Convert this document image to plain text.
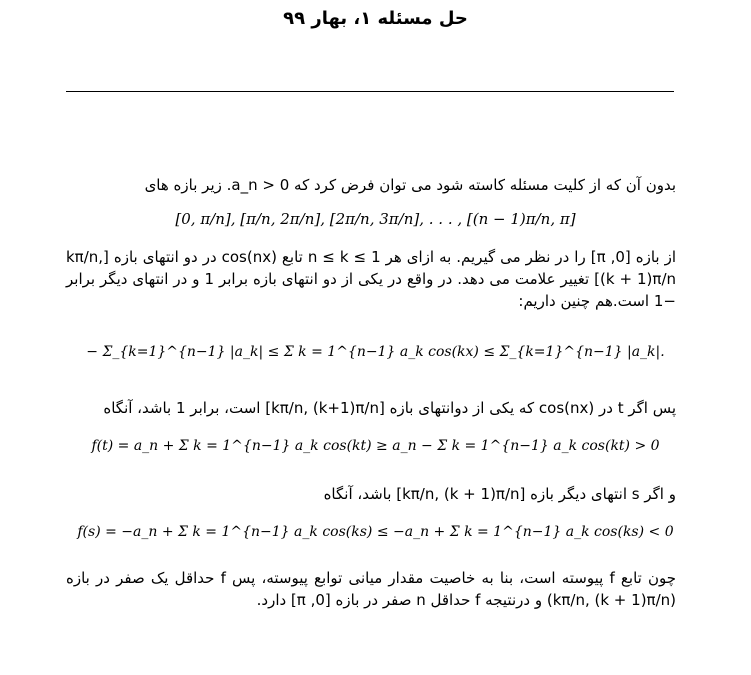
حل مسئله ۱، بهار ۹۹
بدون آن که از کلیت مسئله کاسته شود می توان فرض کرد که a_n > 0. زیر بازه های
[0, π/n], [π/n, 2π/n], [2π/n, 3π/n], . . . , [(n − 1)π/n, π]
از بازه [0, π] را در نظر می گیریم. به ازای هر n ≤ k ≤ 1 تابع cos(nx) در دو انتهای بازه [kπ/n, (k + 1)π/n] تغییر علامت می دهد. در واقع در یکی از دو انتهای بازه برابر 1 و در انتهای دیگر برابر −1 است.هم چنین داریم:
− Σ_{k=1}^{n−1} |a_k| ≤ Σ k = 1^{n−1} a_k cos(kx) ≤ Σ_{k=1}^{n−1} |a_k|.
پس اگر t در cos(nx) که یکی از دوانتهای بازه [kπ/n, (k+1)π/n] است، برابر 1 باشد، آنگاه
f(t) = a_n + Σ k = 1^{n−1} a_k cos(kt) ≥ a_n − Σ k = 1^{n−1} a_k cos(kt) > 0
و اگر s انتهای دیگر بازه [kπ/n, (k + 1)π/n] باشد، آنگاه
f(s) = −a_n + Σ k = 1^{n−1} a_k cos(ks) ≤ −a_n + Σ k = 1^{n−1} a_k cos(ks) < 0
چون تابع f پیوسته است، بنا به خاصیت مقدار میانی توابع پیوسته، پس f حداقل یک صفر در بازه (kπ/n, (k + 1)π/n) و درنتیجه f حداقل n صفر در بازه [0, π] دارد.
